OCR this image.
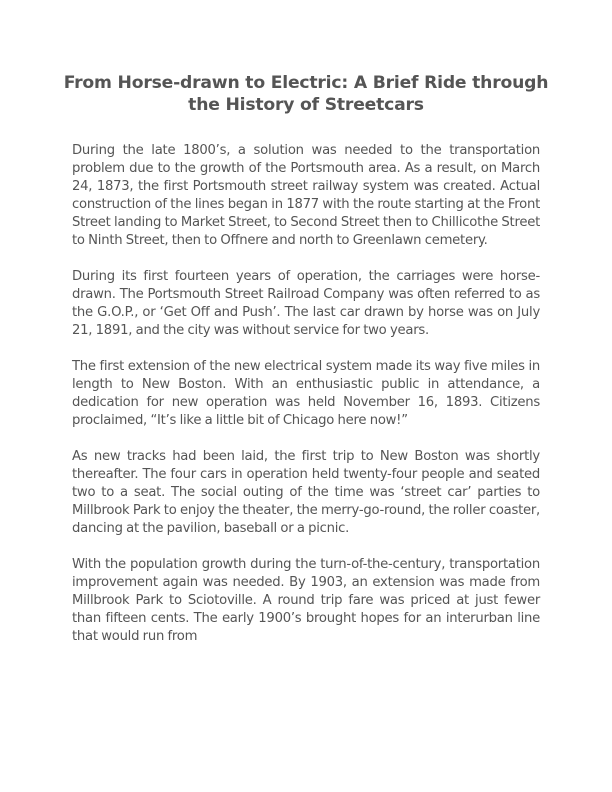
From Horse-drawn to Electric: A Brief Ride through the History of Streetcars

During the late 1800’s, a solution was needed to the transportation problem due to the growth of the Portsmouth area. As a result, on March 24, 1873, the first Portsmouth street railway system was created. Actual construction of the lines began in 1877 with the route starting at the Front Street landing to Market Street, to Second Street then to Chillicothe Street to Ninth Street, then to Offnere and north to Greenlawn cemetery.

During its first fourteen years of operation, the carriages were horse-drawn. The Portsmouth Street Railroad Company was often referred to as the G.O.P., or ‘Get Off and Push’. The last car drawn by horse was on July 21, 1891, and the city was without service for two years.

The first extension of the new electrical system made its way five miles in length to New Boston. With an enthusiastic public in attendance, a dedication for new operation was held November 16, 1893. Citizens proclaimed, “It’s like a little bit of Chicago here now!”

As new tracks had been laid, the first trip to New Boston was shortly thereafter. The four cars in operation held twenty-four people and seated two to a seat. The social outing of the time was ‘street car’ parties to Millbrook Park to enjoy the theater, the merry-go-round, the roller coaster, dancing at the pavilion, baseball or a picnic.

With the population growth during the turn-of-the-century, transportation improvement again was needed. By 1903, an extension was made from Millbrook Park to Sciotoville. A round trip fare was priced at just fewer than fifteen cents. The early 1900’s brought hopes for an interurban line that would run from
